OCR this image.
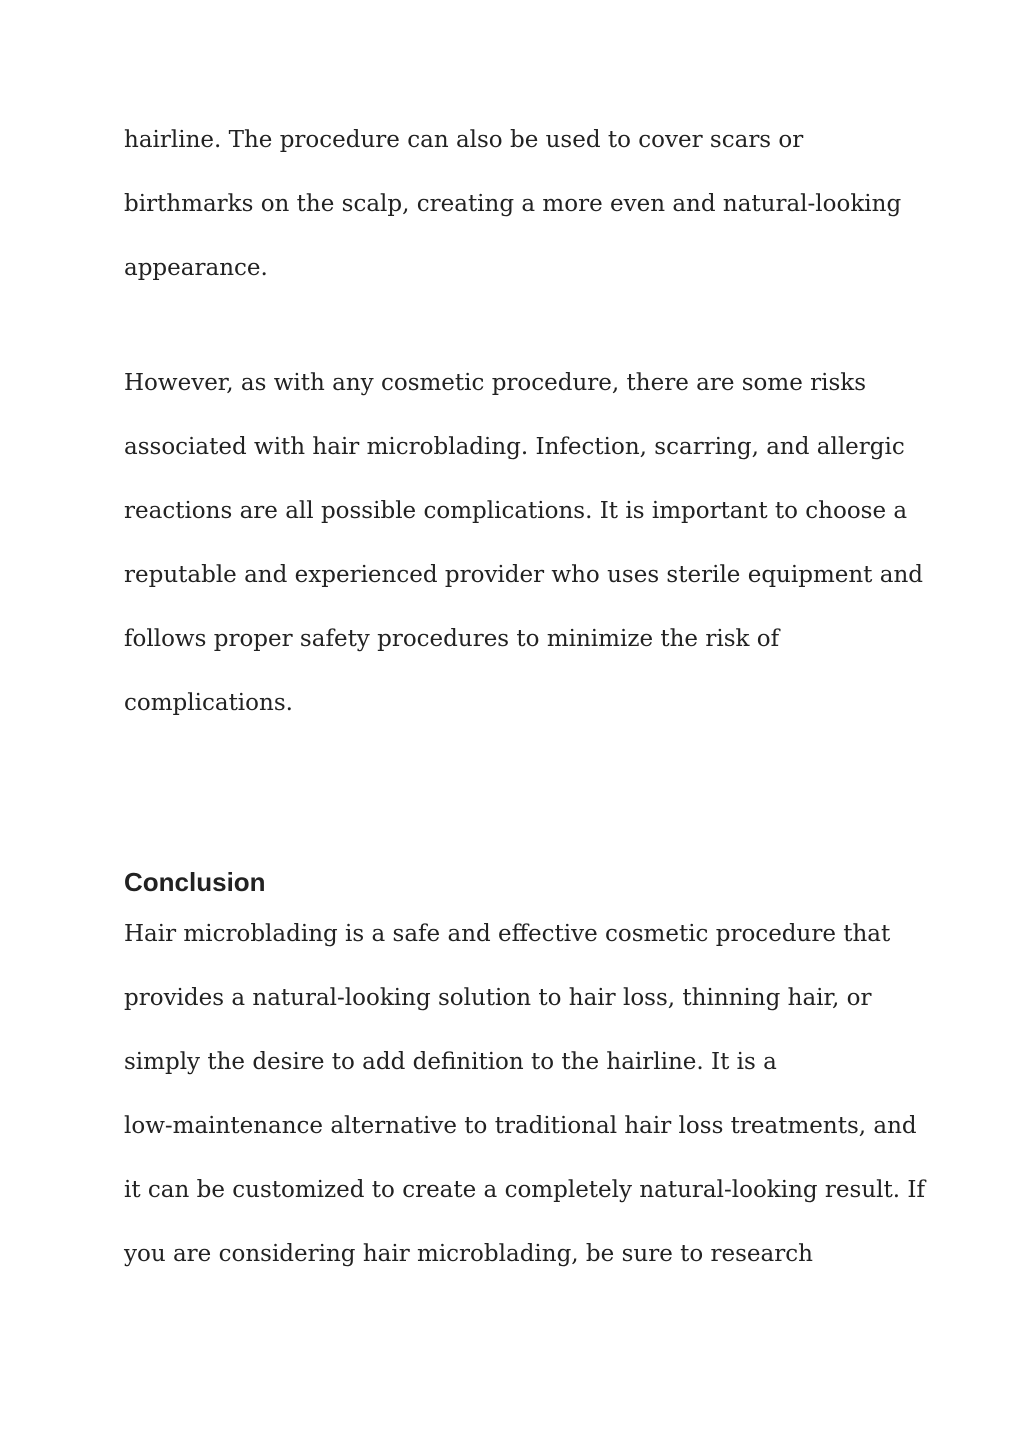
hairline. The procedure can also be used to cover scars or
birthmarks on the scalp, creating a more even and natural-looking
appearance.
However, as with any cosmetic procedure, there are some risks
associated with hair microblading. Infection, scarring, and allergic
reactions are all possible complications. It is important to choose a
reputable and experienced provider who uses sterile equipment and
follows proper safety procedures to minimize the risk of
complications.
Conclusion
Hair microblading is a safe and effective cosmetic procedure that
provides a natural-looking solution to hair loss, thinning hair, or
simply the desire to add definition to the hairline. It is a
low-maintenance alternative to traditional hair loss treatments, and
it can be customized to create a completely natural-looking result. If
you are considering hair microblading, be sure to research
